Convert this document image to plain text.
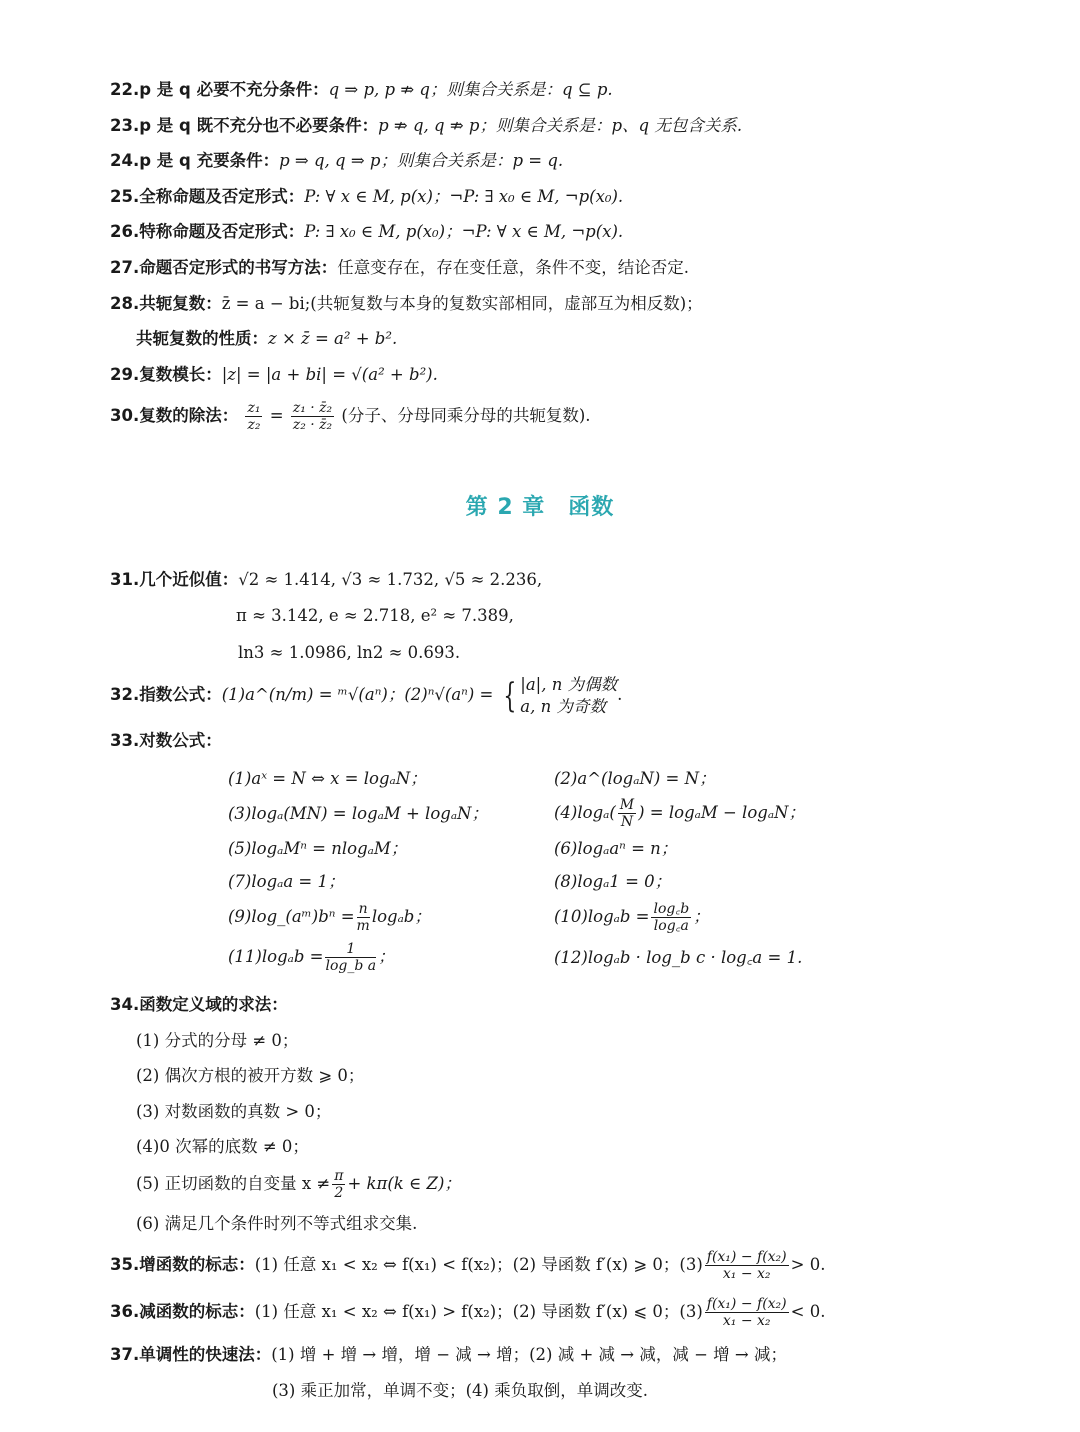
22.p 是 q 必要不充分条件：q ⇒ p, p ⇏ q；则集合关系是：q ⊆ p.
23.p 是 q 既不充分也不必要条件：p ⇏ q, q ⇏ p；则集合关系是：p、q 无包含关系.
24.p 是 q 充要条件：p ⇒ q, q ⇒ p；则集合关系是：p = q.
25.全称命题及否定形式：P: ∀ x ∈ M, p(x)；¬P: ∃ x₀ ∈ M, ¬p(x₀).
26.特称命题及否定形式：P: ∃ x₀ ∈ M, p(x₀)；¬P: ∀ x ∈ M, ¬p(x).
27.命题否定形式的书写方法：任意变存在，存在变任意，条件不变，结论否定.
28.共轭复数：z̄ = a − bi;(共轭复数与本身的复数实部相同，虚部互为相反数)；
共轭复数的性质：z × z̄ = a² + b².
29.复数模长：|z| = |a + bi| = √(a² + b²).
30.复数的除法： $\frac{\text{z₁}}{\text{z₂}} = \frac{\text{z₁ · z̄₂}}{\text{z₂ · z̄₂}}$ (分子、分母同乘分母的共轭复数).
第 2 章　函数
31.几个近似值：√2 ≈ 1.414, √3 ≈ 1.732, √5 ≈ 2.236,
π ≈ 3.142, e ≈ 2.718, e² ≈ 7.389,
ln3 ≈ 1.0986, ln2 ≈ 0.693.
32.指数公式：(1)a^(n/m) = ᵐ√(aⁿ)；(2)ⁿ√(aⁿ) = { |a|, n 为偶数
a, n 为奇数
.
33.对数公式：
(1)aˣ = N ⇔ x = logₐN；	(2)a^(logₐN) = N；
(3)logₐ(MN) = logₐM + logₐN；	$(4)\log_a( \frac{M}{N}$ ) = logₐM − logₐN；
(5)logₐMⁿ = nlogₐM；	(6)logₐaⁿ = n；
(7)logₐa = 1；	(8)logₐ1 = 0；
(9)log_(aᵐ)bⁿ = $\frac{n}{m}$ logₐb；	$(10)\log_ab = \frac{\log꜀b}{\log꜀a}$ ；
$(11)\log_ab = \frac{1}{\text{log\_b a}}$ ；	(12)logₐb · log_b c · log꜀a = 1.
34.函数定义域的求法：
(1) 分式的分母 ≠ 0；
(2) 偶次方根的被开方数 ⩾ 0；
(3) 对数函数的真数 > 0；
(4)0 次幂的底数 ≠ 0；
(5) 正切函数的自变量 $x \ne \frac{\pi}{2} + k\pi(k$ ∈ Z)；
(6) 满足几个条件时列不等式组求交集.
35.增函数的标志：(1) 任意 x₁ < x₂ ⇔ f(x₁) < f(x₂)；(2) 导函数 f′(x) ⩾ 0；$(3) \frac{\text{f(x₁) − f(x₂)}}{\text{x₁ − x₂}} > 0$.
36.减函数的标志：(1) 任意 x₁ < x₂ ⇔ f(x₁) > f(x₂)；(2) 导函数 f′(x) ⩽ 0；$(3) \frac{\text{f(x₁) − f(x₂)}}{\text{x₁ − x₂}} < 0$.
37.单调性的快速法：(1) 增 + 增 → 增，增 − 减 → 增；(2) 减 + 减 → 减，减 − 增 → 减；
(3) 乘正加常，单调不变；(4) 乘负取倒，单调改变.
